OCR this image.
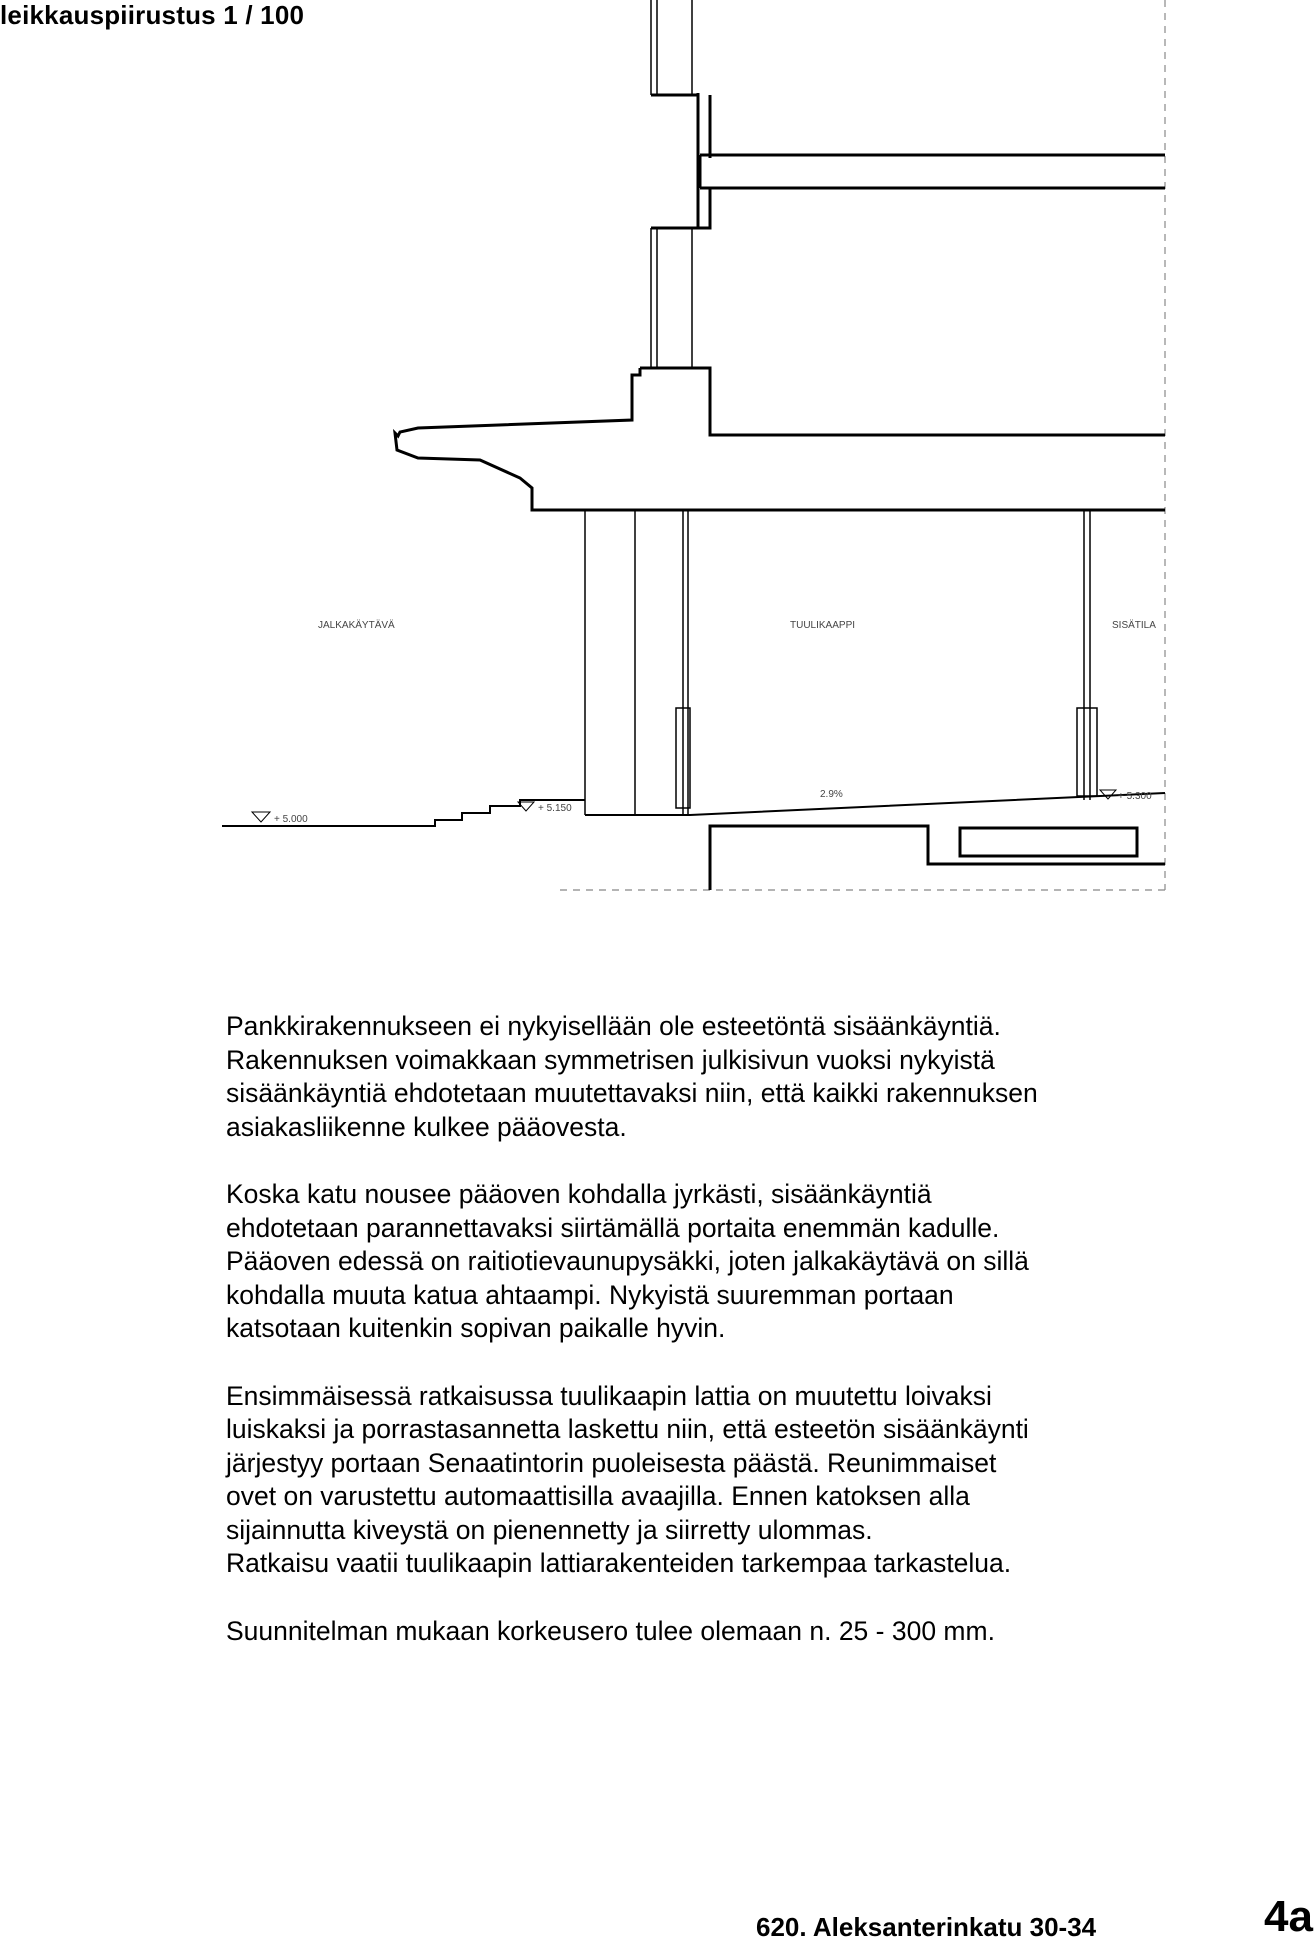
leikkauspiirustus 1 / 100
JALKAKÄYTÄVÄ	TUULIKAAPPI	SISÄTILA
+ 5.000
+ 5.150
2.9%	+ 5.300

Pankkirakennukseen ei nykyisellään ole esteetöntä sisäänkäyntiä.
Rakennuksen voimakkaan symmetrisen julkisivun vuoksi nykyistä
sisäänkäyntiä ehdotetaan muutettavaksi niin, että kaikki rakennuksen
asiakasliikenne kulkee pääovesta.

Koska katu nousee pääoven kohdalla jyrkästi, sisäänkäyntiä
ehdotetaan parannettavaksi siirtämällä portaita enemmän kadulle.
Pääoven edessä on raitiotievaunupysäkki, joten jalkakäytävä on sillä
kohdalla muuta katua ahtaampi. Nykyistä suuremman portaan
katsotaan kuitenkin sopivan paikalle hyvin.

Ensimmäisessä ratkaisussa tuulikaapin lattia on muutettu loivaksi
luiskaksi ja porrastasannetta laskettu niin, että esteetön sisäänkäynti
järjestyy portaan Senaatintorin puoleisesta päästä. Reunimmaiset
ovet on varustettu automaattisilla avaajilla. Ennen katoksen alla
sijainnutta kiveystä on pienennetty ja siirretty ulommas.
Ratkaisu vaatii tuulikaapin lattiarakenteiden tarkempaa tarkastelua.

Suunnitelman mukaan korkeusero tulee olemaan n. 25 - 300 mm.

620. Aleksanterinkatu 30-34	4a
